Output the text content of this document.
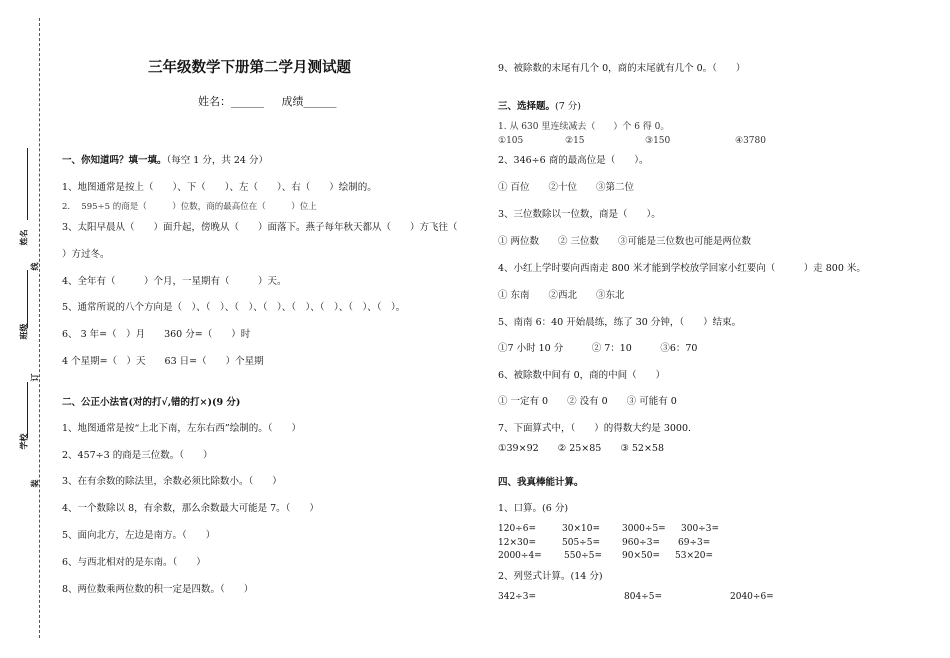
姓名
线
班级
订
学校
装
三年级数学下册第二学月测试题
姓名：______ 成绩______
一、你知道吗？填一填。（每空 1 分，共 24 分）
1、地图通常是按上（　　）、下（　　）、左（　　）、右（　　）绘制的。
2.　 595÷5 的商是（　　　）位数，商的最高位在（　　　）位上
3、太阳早晨从（　　）面升起，傍晚从（　　）面落下。燕子每年秋天都从（　　）方飞往（
）方过冬。
4、全年有（　　　）个月，一星期有（　　　）天。
5、通常所说的八个方向是（　）、（　）、（　）、（　）、（　）、（　）、（　）、（　）。
6、 3 年=（　）月　　360 分=（　　）时
4 个星期=（　）天　　63 日=（　　）个星期
二、公正小法官(对的打√,错的打×)(9 分)
1、地图通常是按“上北下南，左东右西”绘制的。（　　）
2、457÷3 的商是三位数。（　　）
3、在有余数的除法里，余数必须比除数小。（　　）
4、一个数除以 8，有余数，那么余数最大可能是 7。（　　）
5、面向北方，左边是南方。（　　）
6、与西北相对的是东南。（　　）
8、两位数乘两位数的积一定是四数。（　　）
9、被除数的末尾有几个 0，商的末尾就有几个 0。（　　）
三、选择题。(7 分)
1. 从 630 里连续减去（　　）个 6 得 0。
①105	②15	③150	④3780
2、346÷6 商的最高位是（　　）。
① 百位　　②十位　　③第二位
3、三位数除以一位数，商是（　　）。
① 两位数　　② 三位数　　③可能是三位数也可能是两位数
4、小红上学时要向西南走 800 米才能到学校放学回家小红要向（　　　）走 800 米。
① 东南　　②西北　　③东北
5、南南 6：40 开始晨练，练了 30 分钟，（　　）结束。
①7 小时 10 分　　　② 7：10　　　③6：70
6、被除数中间有 0，商的中间（　　）
① 一定有 0　　② 没有 0　　③ 可能有 0
7、下面算式中，（　　）的得数大约是 3000.
①39×92　　② 25×85　　③ 52×58
四、我真棒能计算。
1、口算。(6 分)
120÷6=	30×10= 3000÷5= 300÷3=
12×30=	505÷5= 960÷3= 69÷3=
2000÷4= 550÷5= 90×50= 53×20=
2、列竖式计算。(14 分)
342÷3=	804÷5=	2040÷6=
